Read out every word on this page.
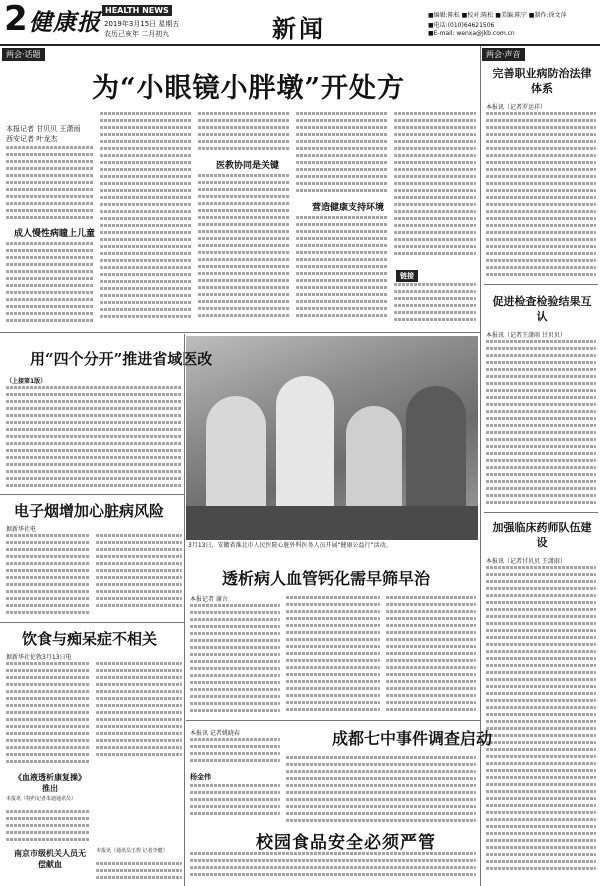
2 健康报 HEALTH NEWS
2019年3月15日 星期五
农历己亥年 二月初九	新闻	■编辑:陈松 ■校对:陈松 ■美编:陈宁 ■制作:徐文萍
■电话:(010)64621506
■E-mail: wenxa@jkb.com.cn
两会·话题	两会·声音
为“小眼镜小胖墩”开处方
本报记者 甘贝贝 王潇雨
西安记者 叶龙杰
成人慢性病瞳上儿童
医教协同是关键
营造健康支持环境
链接
完善职业病防治法律体系
本报讯（记者罗运祥）
促进检查检验结果互认
本报讯（记者王潇雨 甘贝贝）
加强临床药师队伍建设
本报讯（记者甘贝贝 王潇雨）
3月13日，安徽省淮北市人民医院心脏外科医务人员开展“健康公益行”活动。
用“四个分开”推进省域医改
（上接第1版）
电子烟增加心脏病风险
据新华社电
饮食与痴呆症不相关
据新华社伦敦3月13日电
《血液透析康复操》推出
本报讯（特约记者朱迪通讯员）
南京市级机关人员无偿献血
本报讯（通讯员王煜 记者李健）
透析病人血管钙化需早筛早治
本报记者 谢言
成都七中事件调查启动
本报讯 记者姚晓春
杨金伟
校园食品安全必须严管
